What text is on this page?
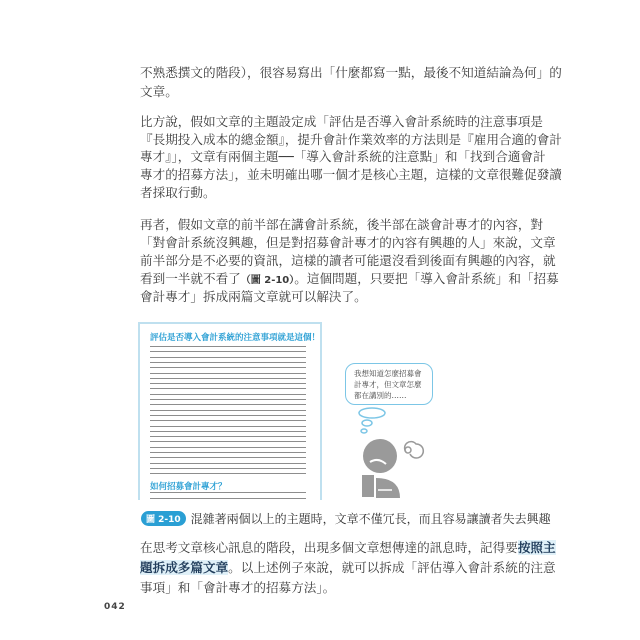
不熟悉撰文的階段），很容易寫出「什麼都寫一點，最後不知道結論為何」的
文章。
比方說，假如文章的主題設定成「評估是否導入會計系統時的注意事項是
『長期投入成本的總金額』，提升會計作業效率的方法則是『雇用合適的會計
專才』」，文章有兩個主題──「導入會計系統的注意點」和「找到合適會計
專才的招募方法」，並未明確出哪一個才是核心主題，這樣的文章很難促發讀
者採取行動。
再者，假如文章的前半部在講會計系統，後半部在談會計專才的內容，對
「對會計系統沒興趣，但是對招募會計專才的內容有興趣的人」來說，文章
前半部分是不必要的資訊，這樣的讀者可能還沒看到後面有興趣的內容，就
看到一半就不看了（圖 2-10）。這個問題，只要把「導入會計系統」和「招募
會計專才」拆成兩篇文章就可以解決了。
評估是否導入會計系統的注意事項就是這個！
如何招募會計專才？
我想知道怎麼招募會
計專才，但文章怎麼
都在講別的……
圖 2-10 混雜著兩個以上的主題時，文章不僅冗長，而且容易讓讀者失去興趣
在思考文章核心訊息的階段，出現多個文章想傳達的訊息時，記得要按照主
題拆成多篇文章。以上述例子來說，就可以拆成「評估導入會計系統的注意
事項」和「會計專才的招募方法」。
042
